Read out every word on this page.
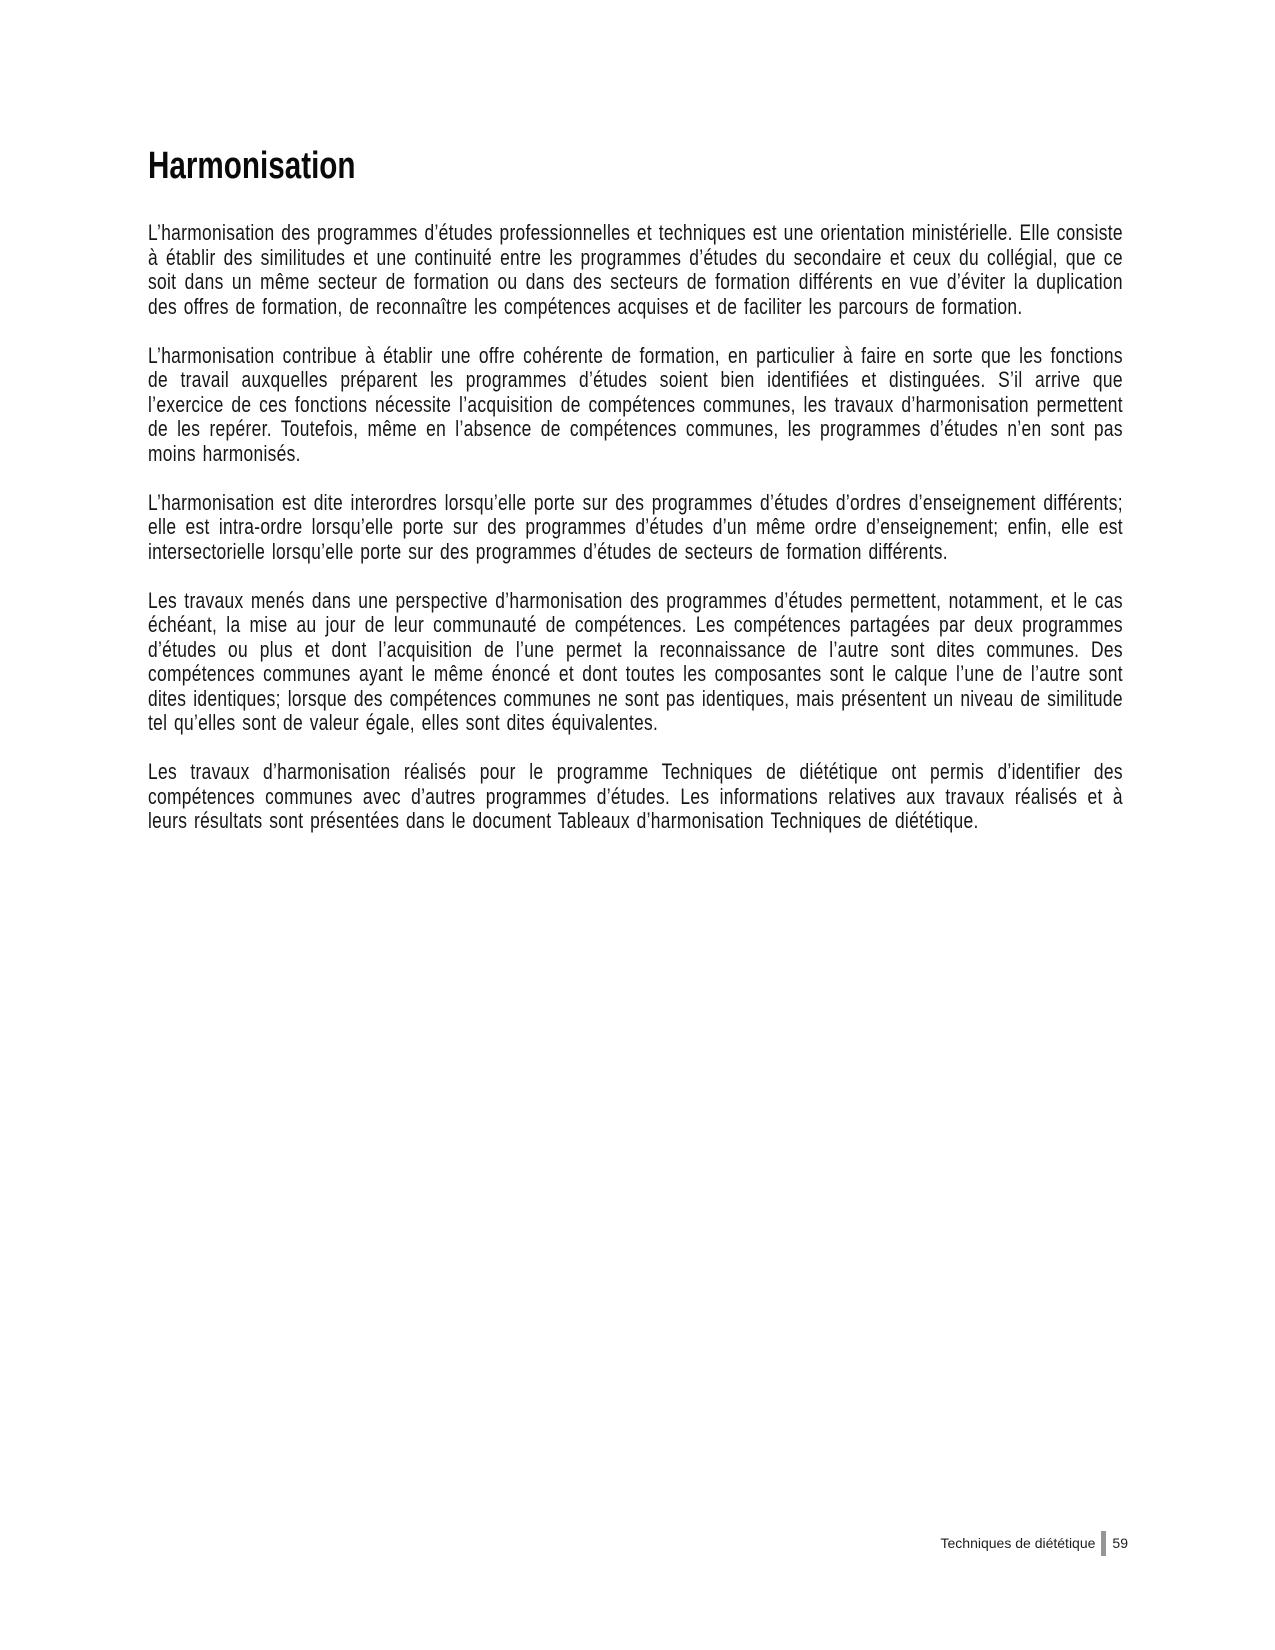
Harmonisation

L’harmonisation des programmes d’études professionnelles et techniques est une orientation ministérielle. Elle consiste à établir des similitudes et une continuité entre les programmes d’études du secondaire et ceux du collégial, que ce soit dans un même secteur de formation ou dans des secteurs de formation différents en vue d’éviter la duplication des offres de formation, de reconnaître les compétences acquises et de faciliter les parcours de formation.

L’harmonisation contribue à établir une offre cohérente de formation, en particulier à faire en sorte que les fonctions de travail auxquelles préparent les programmes d’études soient bien identifiées et distinguées. S’il arrive que l’exercice de ces fonctions nécessite l’acquisition de compétences communes, les travaux d’harmonisation permettent de les repérer. Toutefois, même en l’absence de compétences communes, les programmes d’études n’en sont pas moins harmonisés.

L’harmonisation est dite interordres lorsqu’elle porte sur des programmes d’études d’ordres d’enseignement différents; elle est intra-ordre lorsqu’elle porte sur des programmes d’études d’un même ordre d’enseignement; enfin, elle est intersectorielle lorsqu’elle porte sur des programmes d’études de secteurs de formation différents.

Les travaux menés dans une perspective d’harmonisation des programmes d’études permettent, notamment, et le cas échéant, la mise au jour de leur communauté de compétences. Les compétences partagées par deux programmes d’études ou plus et dont l’acquisition de l’une permet la reconnaissance de l’autre sont dites communes. Des compétences communes ayant le même énoncé et dont toutes les composantes sont le calque l’une de l’autre sont dites identiques; lorsque des compétences communes ne sont pas identiques, mais présentent un niveau de similitude tel qu’elles sont de valeur égale, elles sont dites équivalentes.

Les travaux d’harmonisation réalisés pour le programme Techniques de diététique ont permis d’identifier des compétences communes avec d’autres programmes d’études. Les informations relatives aux travaux réalisés et à leurs résultats sont présentées dans le document Tableaux d’harmonisation Techniques de diététique.

Techniques de diététique 59
